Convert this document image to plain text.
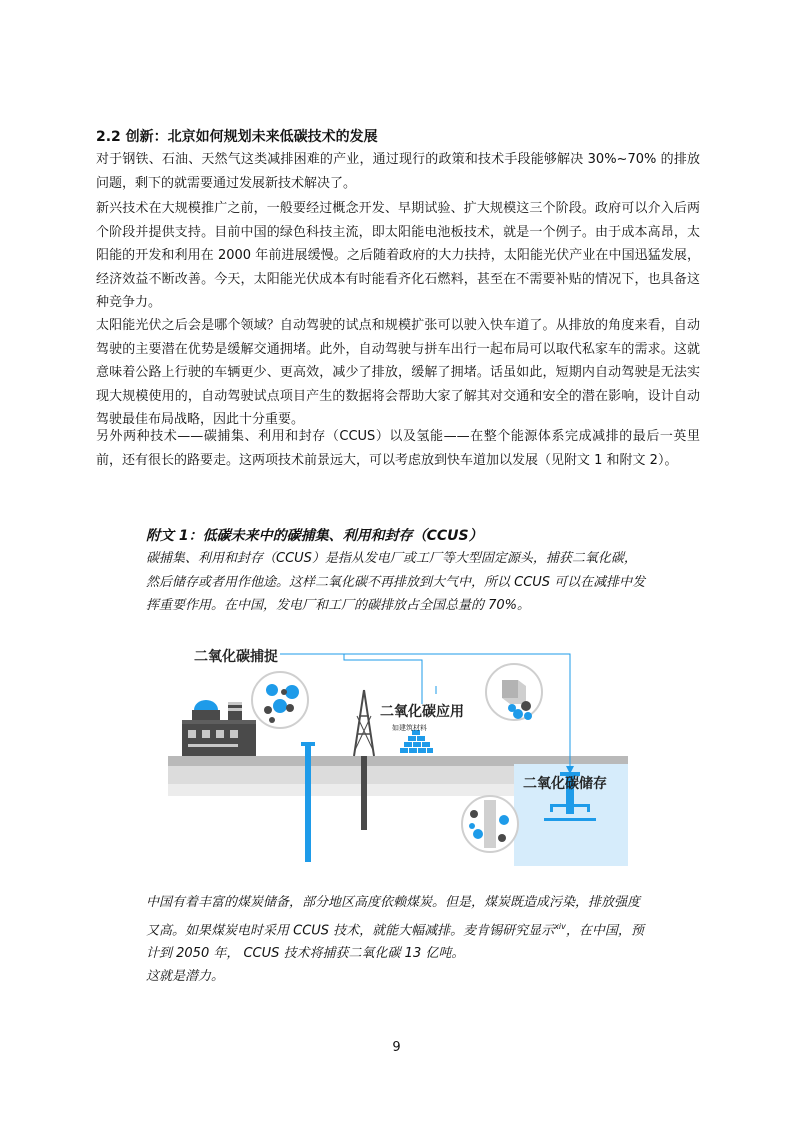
2.2 创新：北京如何规划未来低碳技术的发展

对于钢铁、石油、天然气这类减排困难的产业，通过现行的政策和技术手段能够解决 30%~70% 的排放问题，剩下的就需要通过发展新技术解决了。

新兴技术在大规模推广之前，一般要经过概念开发、早期试验、扩大规模这三个阶段。政府可以介入后两个阶段并提供支持。目前中国的绿色科技主流，即太阳能电池板技术，就是一个例子。由于成本高昂，太阳能的开发和利用在 2000 年前进展缓慢。之后随着政府的大力扶持，太阳能光伏产业在中国迅猛发展，经济效益不断改善。今天，太阳能光伏成本有时能看齐化石燃料，甚至在不需要补贴的情况下，也具备这种竞争力。

太阳能光伏之后会是哪个领域？自动驾驶的试点和规模扩张可以驶入快车道了。从排放的角度来看，自动驾驶的主要潜在优势是缓解交通拥堵。此外，自动驾驶与拼车出行一起布局可以取代私家车的需求。这就意味着公路上行驶的车辆更少、更高效，减少了排放，缓解了拥堵。话虽如此，短期内自动驾驶是无法实现大规模使用的，自动驾驶试点项目产生的数据将会帮助大家了解其对交通和安全的潜在影响，设计自动驾驶最佳布局战略，因此十分重要。

另外两种技术——碳捕集、利用和封存（CCUS）以及氢能——在整个能源体系完成减排的最后一英里前，还有很长的路要走。这两项技术前景远大，可以考虑放到快车道加以发展（见附文 1 和附文 2）。

附文 1：低碳未来中的碳捕集、利用和封存（CCUS）

碳捕集、利用和封存（CCUS）是指从发电厂或工厂等大型固定源头，捕获二氧化碳，然后储存或者用作他途。这样二氧化碳不再排放到大气中，所以 CCUS 可以在减排中发挥重要作用。在中国，发电厂和工厂的碳排放占全国总量的 70%。

二氧化碳捕捉
二氧化碳应用
如建筑材料
二氧化碳储存

中国有着丰富的煤炭储备，部分地区高度依赖煤炭。但是，煤炭既造成污染，排放强度又高。如果煤炭电时采用 CCUS 技术，就能大幅减排。麦肯锡研究显示$^{xiv}$，在中国，预计到 2050 年， CCUS 技术将捕获二氧化碳 13 亿吨。

这就是潜力。

9
